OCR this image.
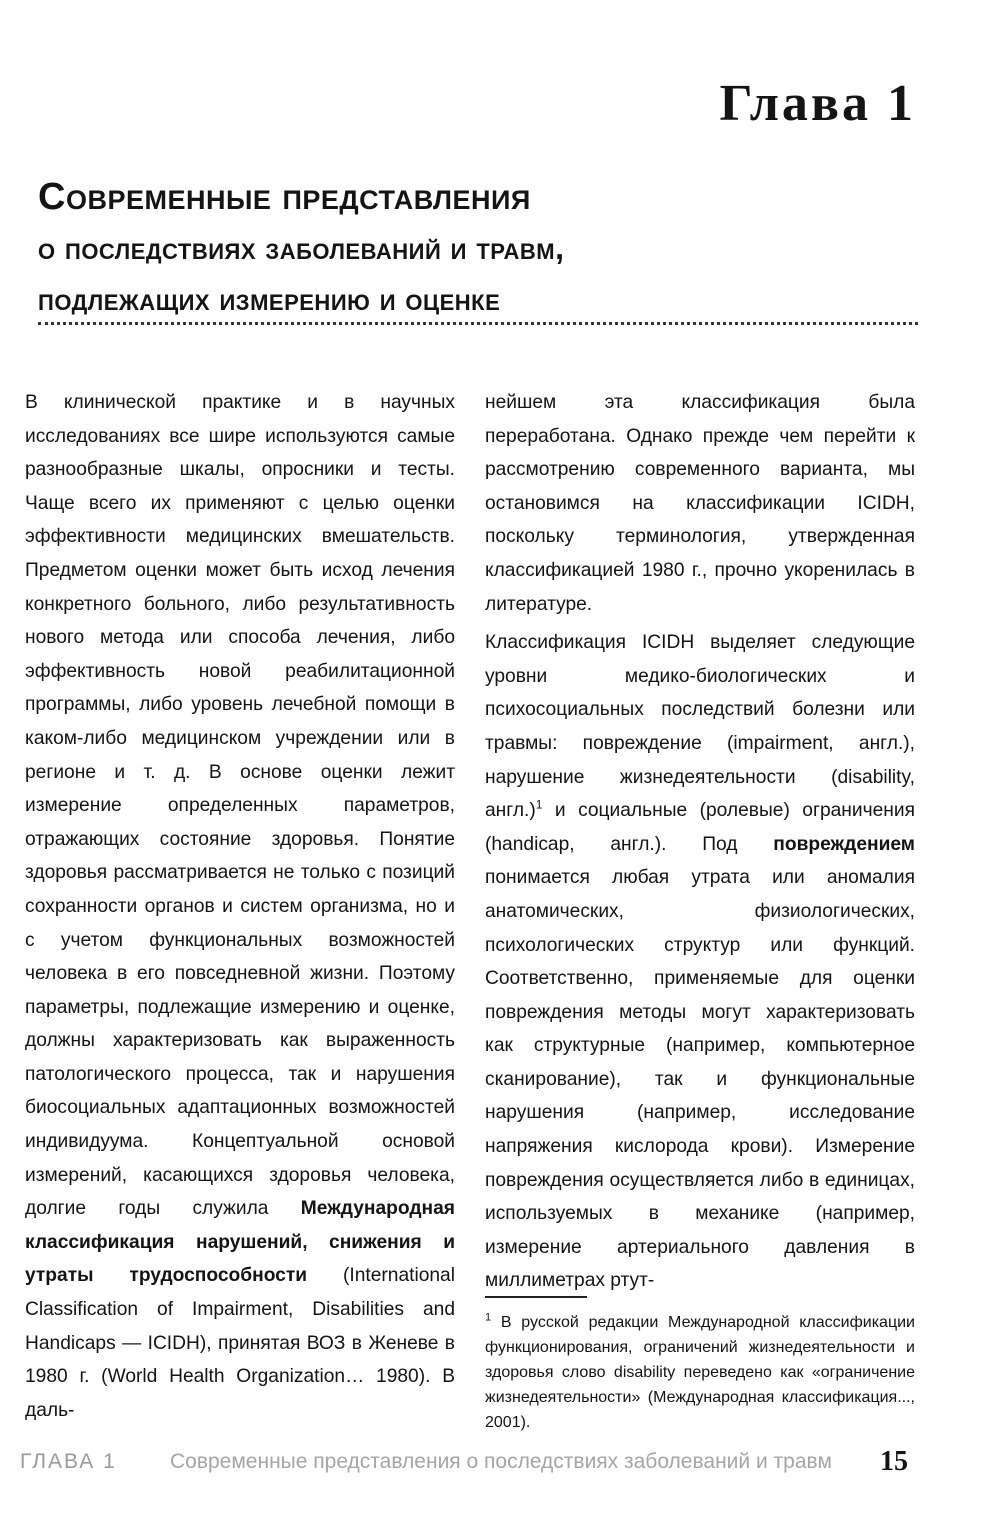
Глава 1
Современные представления
о последствиях заболеваний и травм,
подлежащих измерению и оценке

В клинической практике и в научных исследованиях все шире используются самые разнообразные шкалы, опросники и тесты. Чаще всего их применяют с целью оценки эффективности медицинских вмешательств. Предметом оценки может быть исход лечения конкретного больного, либо результативность нового метода или способа лечения, либо эффективность новой реабилитационной программы, либо уровень лечебной помощи в каком-либо медицинском учреждении или в регионе и т. д. В основе оценки лежит измерение определенных параметров, отражающих состояние здоровья. Понятие здоровья рассматривается не только с позиций сохранности органов и систем организма, но и с учетом функциональных возможностей человека в его повседневной жизни. Поэтому параметры, подлежащие измерению и оценке, должны характеризовать как выраженность патологического процесса, так и нарушения биосоциальных адаптационных возможностей индивидуума. Концептуальной основой измерений, касающихся здоровья человека, долгие годы служила Международная классификация нарушений, снижения и утраты трудоспособности (International Classification of Impairment, Disabilities and Handicaps — ICIDH), принятая ВОЗ в Женеве в 1980 г. (World Health Organization… 1980). В даль-

нейшем эта классификация была переработана. Однако прежде чем перейти к рассмотрению современного варианта, мы остановимся на классификации ICIDH, поскольку терминология, утвержденная классификацией 1980 г., прочно укоренилась в литературе.

Классификация ICIDH выделяет следующие уровни медико-биологических и психосоциальных последствий болезни или травмы: повреждение (impairment, англ.), нарушение жизнедеятельности (disability, англ.)$^1$ и социальные (ролевые) ограничения (handicap, англ.). Под повреждением понимается любая утрата или аномалия анатомических, физиологических, психологических структур или функций. Соответственно, применяемые для оценки повреждения методы могут характеризовать как структурные (например, компьютерное сканирование), так и функциональные нарушения (например, исследование напряжения кислорода крови). Измерение повреждения осуществляется либо в единицах, используемых в механике (например, измерение артериального давления в миллиметрах ртут-

$^1$ В русской редакции Международной классификации функционирования, ограничений жизнедеятельности и здоровья слово disability переведено как «ограничение жизнедеятельности» (Международная классификация..., 2001).

ГЛАВА 1	Современные представления о последствиях заболеваний и травм 15
